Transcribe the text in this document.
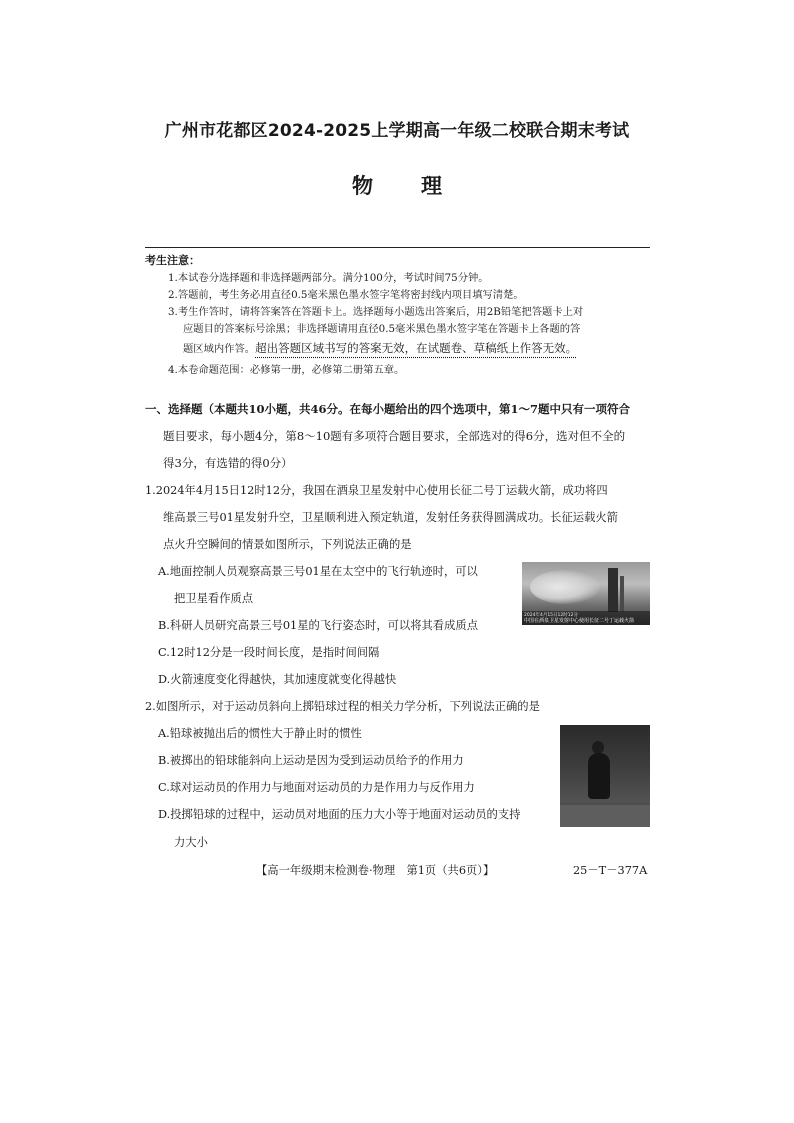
广州市花都区2024-2025上学期高一年级二校联合期末考试
物理
考生注意：
1.本试卷分选择题和非选择题两部分。满分100分，考试时间75分钟。
2.答题前，考生务必用直径0.5毫米黑色墨水签字笔将密封线内项目填写清楚。
3.考生作答时，请将答案答在答题卡上。选择题每小题选出答案后，用2B铅笔把答题卡上对
应题目的答案标号涂黑；非选择题请用直径0.5毫米黑色墨水签字笔在答题卡上各题的答
题区域内作答。超出答题区域书写的答案无效，在试题卷、草稿纸上作答无效。
4.本卷命题范围：必修第一册，必修第二册第五章。
一、选择题（本题共10小题，共46分。在每小题给出的四个选项中，第1～7题中只有一项符合
题目要求，每小题4分，第8～10题有多项符合题目要求，全部选对的得6分，选对但不全的
得3分，有选错的得0分）
1.2024年4月15日12时12分，我国在酒泉卫星发射中心使用长征二号丁运载火箭，成功将四
维高景三号01星发射升空，卫星顺利进入预定轨道，发射任务获得圆满成功。长征运载火箭
点火升空瞬间的情景如图所示，下列说法正确的是
A.地面控制人员观察高景三号01星在太空中的飞行轨迹时，可以
把卫星看作质点
B.科研人员研究高景三号01星的飞行姿态时，可以将其看成质点
C.12时12分是一段时间长度，是指时间间隔
D.火箭速度变化得越快，其加速度就变化得越快
2024年4月15日12时12分
中国在酒泉卫星发射中心使用长征二号丁运载火箭
2.如图所示，对于运动员斜向上掷铅球过程的相关力学分析，下列说法正确的是
A.铅球被抛出后的惯性大于静止时的惯性
B.被掷出的铅球能斜向上运动是因为受到运动员给予的作用力
C.球对运动员的作用力与地面对运动员的力是作用力与反作用力
D.投掷铅球的过程中，运动员对地面的压力大小等于地面对运动员的支持
力大小
【高一年级期末检测卷·物理　第1页（共6页）】	25－T－377A
